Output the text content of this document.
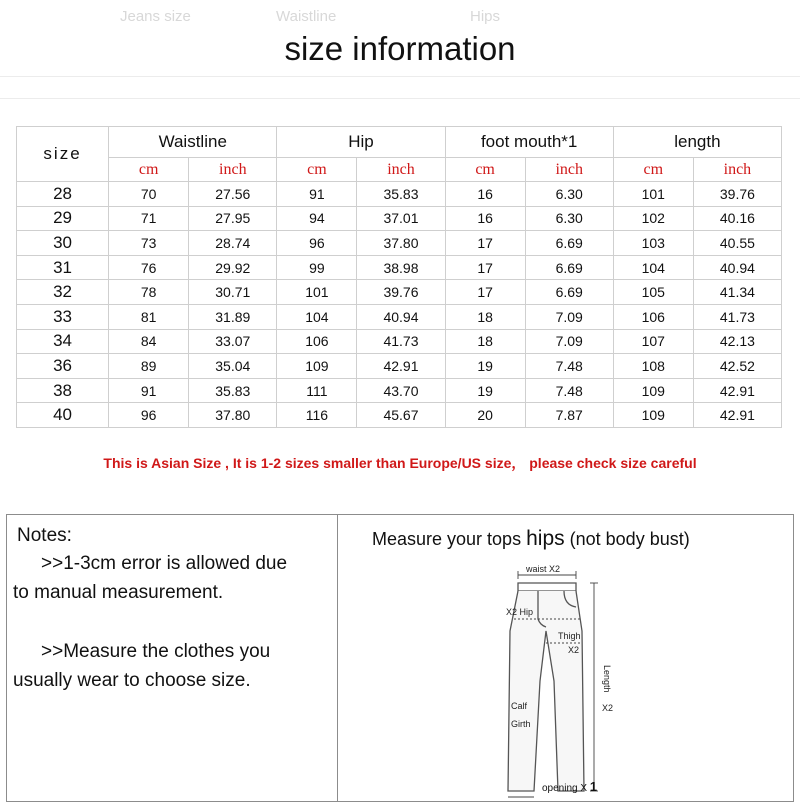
Jeans size	Waistline	Hips
size information
size	Waistline		Hip		foot mouth*1		length	
	cm	inch	cm	inch	cm	inch	cm	inch
28	70	27.56	91	35.83	16	6.30	101	39.76
29	71	27.95	94	37.01	16	6.30	102	40.16
30	73	28.74	96	37.80	17	6.69	103	40.55
31	76	29.92	99	38.98	17	6.69	104	40.94
32	78	30.71	101	39.76	17	6.69	105	41.34
33	81	31.89	104	40.94	18	7.09	106	41.73
34	84	33.07	106	41.73	18	7.09	107	42.13
36	89	35.04	109	42.91	19	7.48	108	42.52
38	91	35.83	111	43.70	19	7.48	109	42.91
40	96	37.80	116	45.67	20	7.87	109	42.91
This is Asian Size , It is 1-2 sizes smaller than Europe/US size， please check size careful
Notes:
>>1-3cm error is allowed due
to manual measurement.
>>Measure the clothes you
usually wear to choose size.
Measure your tops hips (not body bust)
waist X2
X2 Hip
Thigh
X2
Length
X2
Calf
Girth
opening X 1
